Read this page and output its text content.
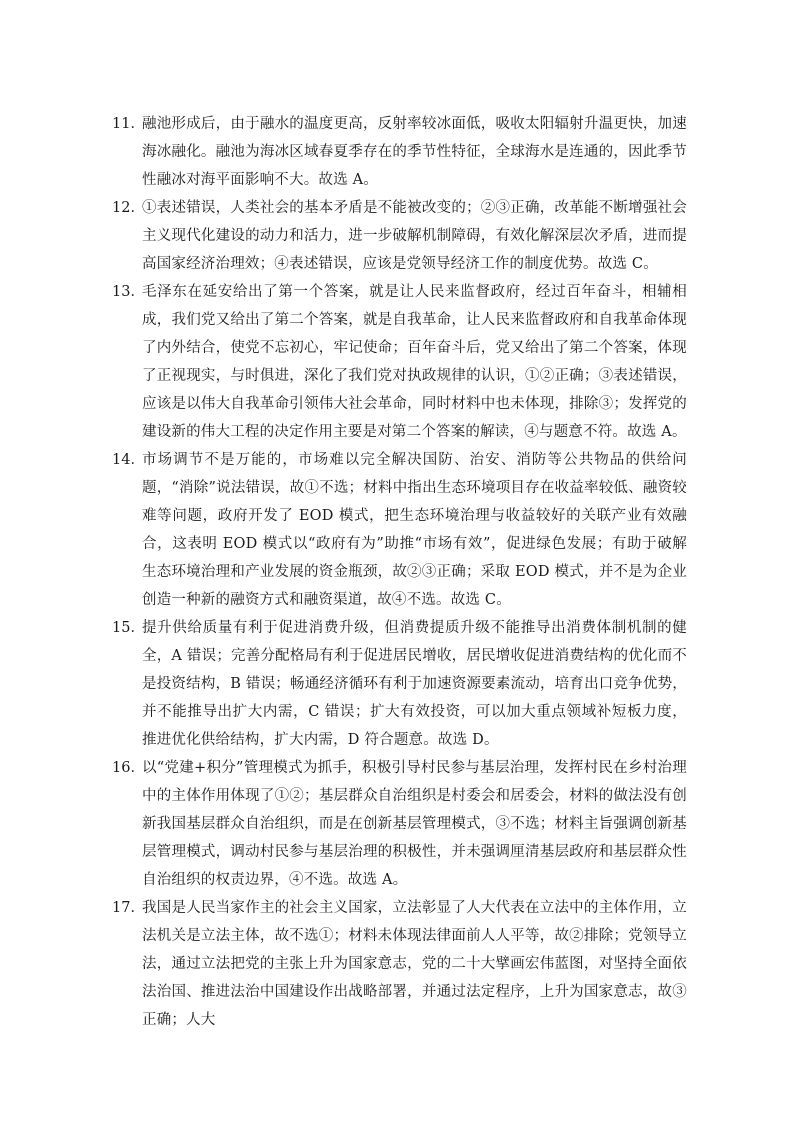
11．
融池形成后，由于融水的温度更高，反射率较冰面低，吸收太阳辐射升温更快，加速海冰融化。融池为海冰区域春夏季存在的季节性特征，全球海水是连通的，因此季节性融冰对海平面影响不大。故选 A。
12．
①表述错误，人类社会的基本矛盾是不能被改变的；②③正确，改革能不断增强社会主义现代化建设的动力和活力，进一步破解机制障碍，有效化解深层次矛盾，进而提高国家经济治理效；④表述错误，应该是党领导经济工作的制度优势。故选 C。
13．
毛泽东在延安给出了第一个答案，就是让人民来监督政府，经过百年奋斗，相辅相成，我们党又给出了第二个答案，就是自我革命，让人民来监督政府和自我革命体现了内外结合，使党不忘初心，牢记使命；百年奋斗后，党又给出了第二个答案，体现了正视现实，与时俱进，深化了我们党对执政规律的认识，①②正确；③表述错误，应该是以伟大自我革命引领伟大社会革命，同时材料中也未体现，排除③；发挥党的建设新的伟大工程的决定作用主要是对第二个答案的解读，④与题意不符。故选 A。
14．
市场调节不是万能的，市场难以完全解决国防、治安、消防等公共物品的供给问题，“消除”说法错误，故①不选；材料中指出生态环境项目存在收益率较低、融资较难等问题，政府开发了 EOD 模式，把生态环境治理与收益较好的关联产业有效融合，这表明 EOD 模式以“政府有为”助推“市场有效”，促进绿色发展；有助于破解生态环境治理和产业发展的资金瓶颈，故②③正确；采取 EOD 模式，并不是为企业创造一种新的融资方式和融资渠道，故④不选。故选 C。
15．
提升供给质量有利于促进消费升级，但消费提质升级不能推导出消费体制机制的健全，A 错误；完善分配格局有利于促进居民增收，居民增收促进消费结构的优化而不是投资结构，B 错误；畅通经济循环有利于加速资源要素流动，培育出口竞争优势，并不能推导出扩大内需，C 错误；扩大有效投资，可以加大重点领域补短板力度，推进优化供给结构，扩大内需，D 符合题意。故选 D。
16．
以“党建+积分”管理模式为抓手，积极引导村民参与基层治理，发挥村民在乡村治理中的主体作用体现了①②；基层群众自治组织是村委会和居委会，材料的做法没有创新我国基层群众自治组织，而是在创新基层管理模式，③不选；材料主旨强调创新基层管理模式，调动村民参与基层治理的积极性，并未强调厘清基层政府和基层群众性自治组织的权责边界，④不选。故选 A。
17．
我国是人民当家作主的社会主义国家，立法彰显了人大代表在立法中的主体作用，立法机关是立法主体，故不选①；材料未体现法律面前人人平等，故②排除；党领导立法，通过立法把党的主张上升为国家意志，党的二十大擘画宏伟蓝图，对坚持全面依法治国、推进法治中国建设作出战略部署，并通过法定程序，上升为国家意志，故③正确；人大
